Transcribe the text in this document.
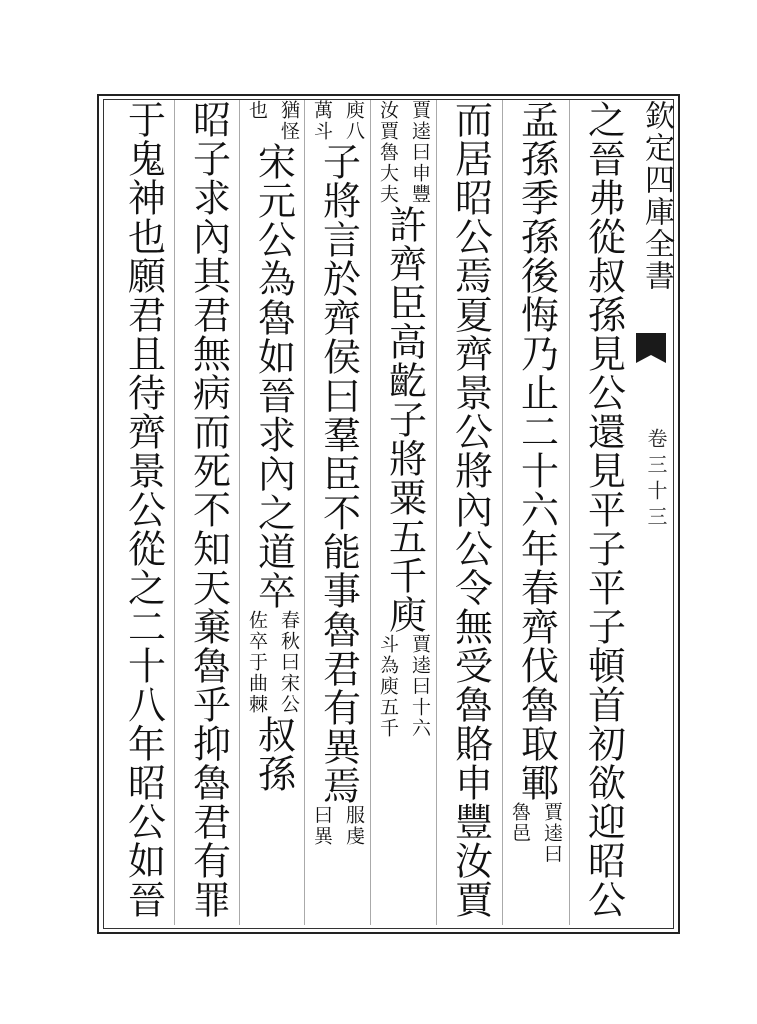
欽定四庫全書
卷三十三
之晉弗從叔孫見公還見平子平子頓首初欲迎昭公
孟孫季孫後悔乃止二十六年春齊伐魯取鄆
賈逵曰
魯邑
而居昭公焉夏齊景公將內公令無受魯賂申豐汝賈
賈逵曰申豐
汝賈魯大夫
許齊臣高齕子將粟五千庾
賈逵曰十六
斗為庾五千
庾八
萬斗
子將言於齊侯曰羣臣不能事魯君有異焉
服虔
曰異
猶怪
也
宋元公為魯如晉求內之道卒
春秋曰宋公
佐卒于曲棘
叔孫
昭子求內其君無病而死不知天棄魯乎抑魯君有罪
于鬼神也願君且待齊景公從之二十八年昭公如晉
